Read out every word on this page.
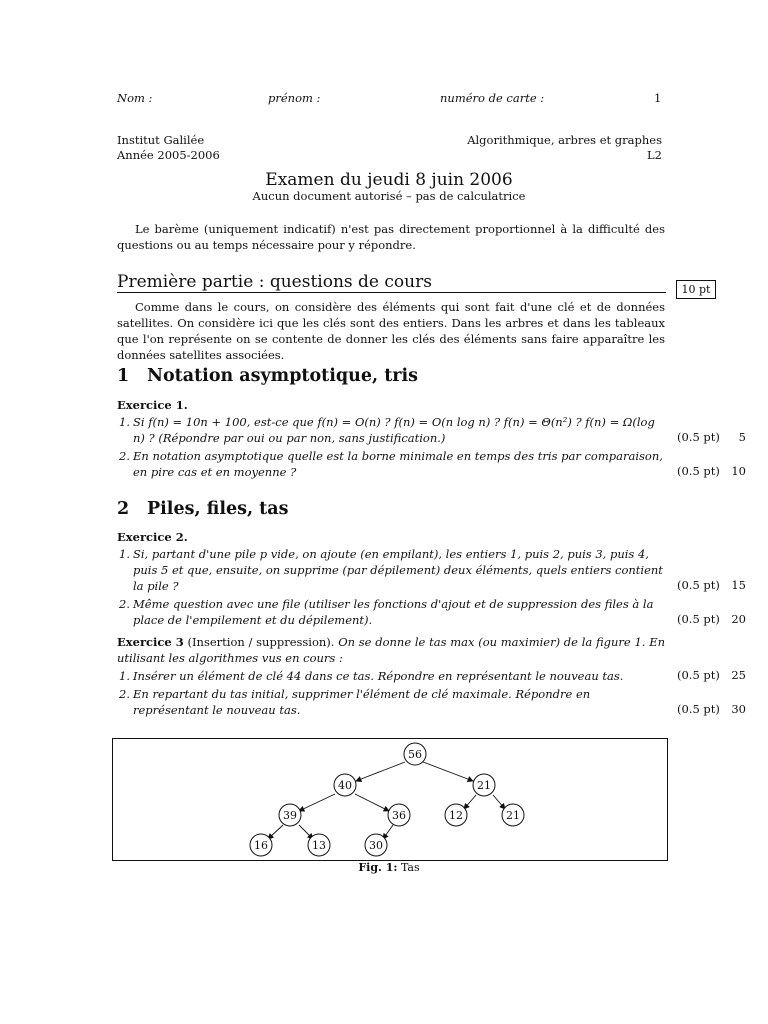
Nom :	prénom :	numéro de carte :	1
Institut Galilée
Année 2005-2006
Algorithmique, arbres et graphes
L2
Examen du jeudi 8 juin 2006
Aucun document autorisé – pas de calculatrice
Le barème (uniquement indicatif) n'est pas directement proportionnel à la difficulté des questions ou au temps nécessaire pour y répondre.
Première partie : questions de cours	10 pt
Comme dans le cours, on considère des éléments qui sont fait d'une clé et de données satellites. On considère ici que les clés sont des entiers. Dans les arbres et dans les tableaux que l'on représente on se contente de donner les clés des éléments sans faire apparaître les données satellites associées.
1 Notation asymptotique, tris
Exercice 1.
1. Si f(n) = 10n + 100, est-ce que f(n) = O(n) ? f(n) = O(n log n) ? f(n) = Θ(n²) ? f(n) = Ω(log n) ? (Répondre par oui ou par non, sans justification.)	(0.5 pt)	5
2. En notation asymptotique quelle est la borne minimale en temps des tris par comparaison, en pire cas et en moyenne ?	(0.5 pt) 10
2 Piles, files, tas
Exercice 2.
1. Si, partant d'une pile p vide, on ajoute (en empilant), les entiers 1, puis 2, puis 3, puis 4, puis 5 et que, ensuite, on supprime (par dépilement) deux éléments, quels entiers contient la pile ?	(0.5 pt) 15
2. Même question avec une file (utiliser les fonctions d'ajout et de suppression des files à la place de l'empilement et du dépilement).	(0.5 pt) 20
Exercice 3 (Insertion / suppression). On se donne le tas max (ou maximier) de la figure 1. En utilisant les algorithmes vus en cours :
1. Insérer un élément de clé 44 dans ce tas. Répondre en représentant le nouveau tas.	(0.5 pt) 25
2. En repartant du tas initial, supprimer l'élément de clé maximale. Répondre en représentant le nouveau tas.	(0.5 pt) 30
56
40	21
39	36	12	21
16	13	30
Fig. 1: Tas
